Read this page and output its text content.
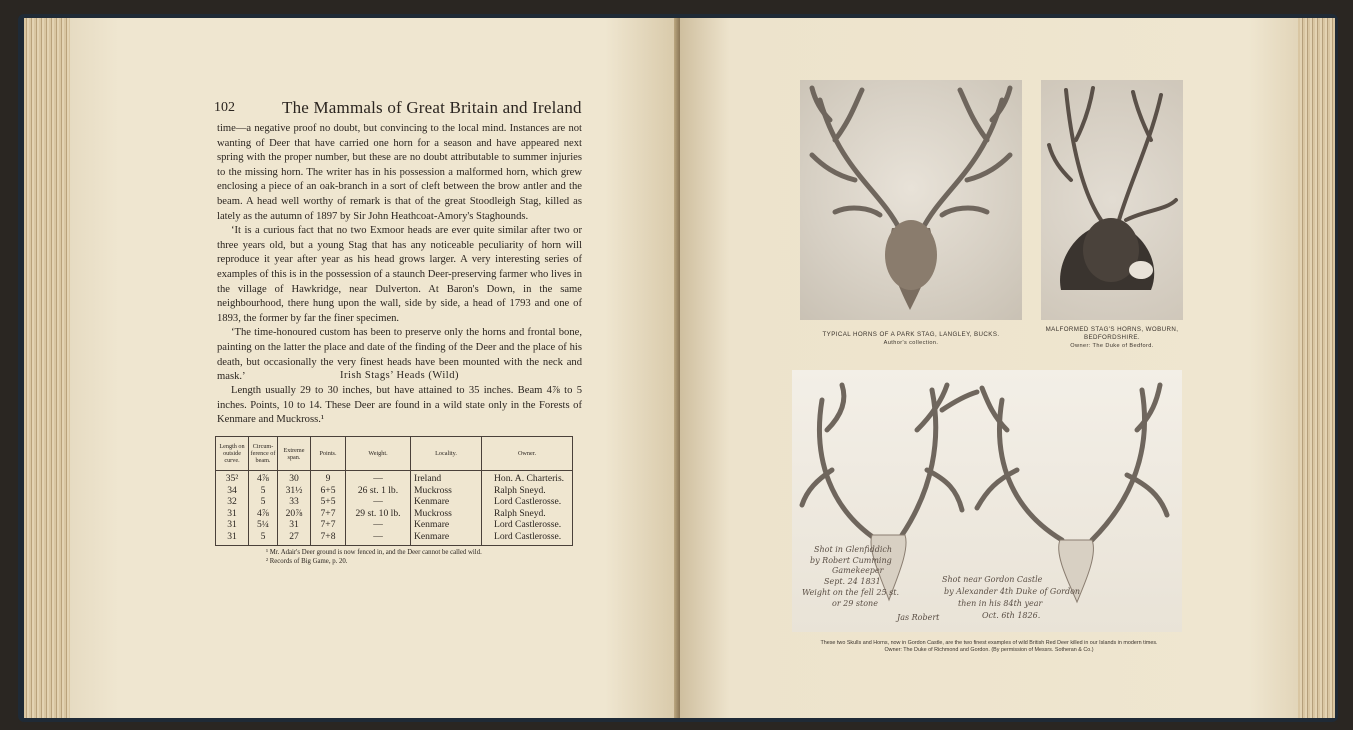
102	The Mammals of Great Britain and Ireland

time—a negative proof no doubt, but convincing to the local mind. Instances are not wanting of Deer that have carried one horn for a season and have appeared next spring with the proper number, but these are no doubt attributable to summer injuries to the missing horn. The writer has in his possession a malformed horn, which grew enclosing a piece of an oak-branch in a sort of cleft between the brow antler and the beam. A head well worthy of remark is that of the great Stoodleigh Stag, killed as lately as the autumn of 1897 by Sir John Heathcoat-Amory's Staghounds.

‘It is a curious fact that no two Exmoor heads are ever quite similar after two or three years old, but a young Stag that has any noticeable peculiarity of horn will reproduce it year after year as his head grows larger. A very interesting series of examples of this is in the possession of a staunch Deer-preserving farmer who lives in the village of Hawkridge, near Dulverton. At Baron's Down, in the same neighbourhood, there hung upon the wall, side by side, a head of 1793 and one of 1893, the former by far the finer specimen.

‘The time-honoured custom has been to preserve only the horns and frontal bone, painting on the latter the place and date of the finding of the Deer and the place of his death, but occasionally the very finest heads have been mounted with the neck and mask.’	Irish Stags’ Heads (Wild)
Length usually 29 to 30 inches, but have attained to 35 inches. Beam 4⅞ to 5 inches. Points, 10 to 14. These Deer are found in a wild state only in the Forests of Kenmare and Muckross.¹
Length on outside curve.	Circum-ference of beam.	Extreme span.	Points.	Weight.	Locality.	Owner.
35²	4⅞	30	9	—	Ireland	Hon. A. Charteris.
34	5	31½	6+5	26 st. 1 lb.	Muckross	Ralph Sneyd.
32	5	33	5+5	—	Kenmare	Lord Castlerosse.
31	4⅞	20⅞	7+7	29 st. 10 lb.	Muckross	Ralph Sneyd.
31	5¼	31	7+7	—	Kenmare	Lord Castlerosse.
31	5	27	7+8	—	Kenmare	Lord Castlerosse.
¹ Mr. Adair's Deer ground is now fenced in, and the Deer cannot be called wild.
² Records of Big Game, p. 20.
TYPICAL HORNS OF A PARK STAG, LANGLEY, BUCKS.
Author's collection.
MALFORMED STAG'S HORNS, WOBURN, BEDFORDSHIRE.
Owner: The Duke of Bedford.
Shot in Glenfiddich
by Robert Cumming
Gamekeeper
Sept. 24 1831
Weight on the fell 25 st.
or 29 stone
Shot near Gordon Castle
by Alexander 4th Duke of Gordon
then in his 84th year
Oct. 6th 1826.
Jas Robert
These two Skulls and Horns, now in Gordon Castle, are the two finest examples of wild British Red Deer killed in our Islands in modern times.
Owner: The Duke of Richmond and Gordon. (By permission of Messrs. Sotheran & Co.)
